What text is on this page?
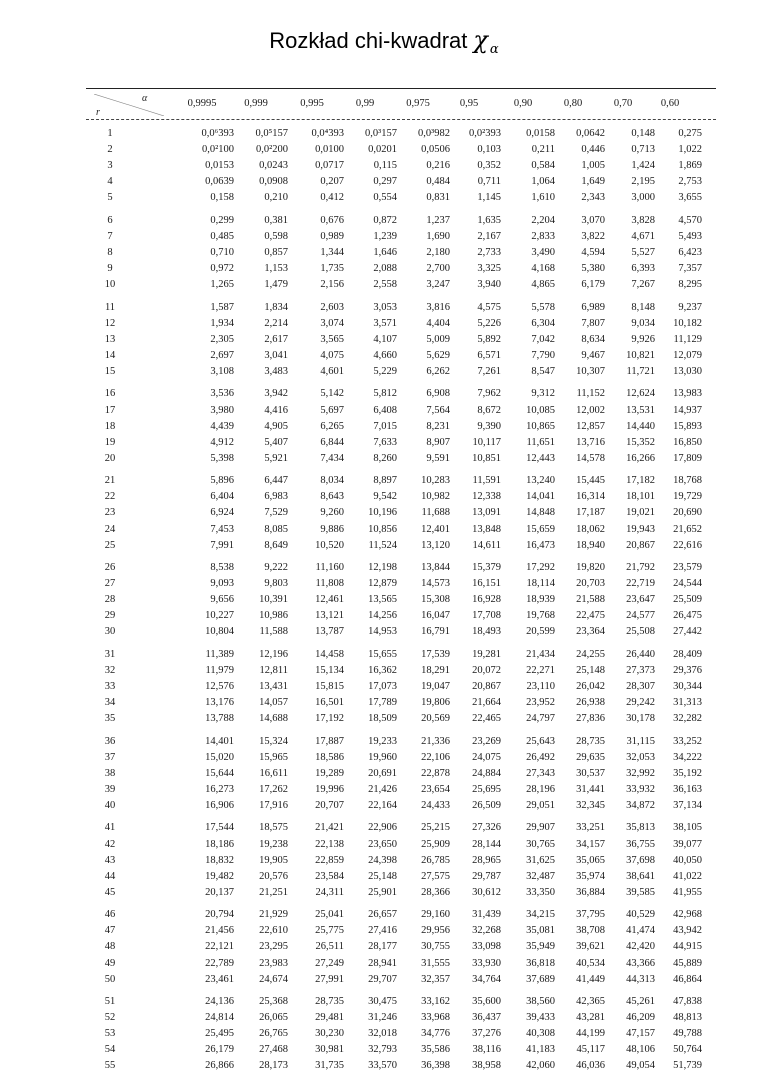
Rozkład chi-kwadrat χ $_\alpha$
α
r
0,9995	0,999	0,995	0,99	0,975	0,95	0,90	0,80	0,70	0,60
1	0,0⁶393	0,0⁵157	0,0⁴393	0,0³157	0,0³982	0,0²393	0,0158	0,0642	0,148	0,275
2	0,0²100	0,0²200	0,0100	0,0201	0,0506	0,103	0,211	0,446	0,713	1,022
3	0,0153	0,0243	0,0717	0,115	0,216	0,352	0,584	1,005	1,424	1,869
4	0,0639	0,0908	0,207	0,297	0,484	0,711	1,064	1,649	2,195	2,753
5	0,158	0,210	0,412	0,554	0,831	1,145	1,610	2,343	3,000	3,655
6	0,299	0,381	0,676	0,872	1,237	1,635	2,204	3,070	3,828	4,570
7	0,485	0,598	0,989	1,239	1,690	2,167	2,833	3,822	4,671	5,493
8	0,710	0,857	1,344	1,646	2,180	2,733	3,490	4,594	5,527	6,423
9	0,972	1,153	1,735	2,088	2,700	3,325	4,168	5,380	6,393	7,357
10	1,265	1,479	2,156	2,558	3,247	3,940	4,865	6,179	7,267	8,295
11	1,587	1,834	2,603	3,053	3,816	4,575	5,578	6,989	8,148	9,237
12	1,934	2,214	3,074	3,571	4,404	5,226	6,304	7,807	9,034	10,182
13	2,305	2,617	3,565	4,107	5,009	5,892	7,042	8,634	9,926	11,129
14	2,697	3,041	4,075	4,660	5,629	6,571	7,790	9,467	10,821	12,079
15	3,108	3,483	4,601	5,229	6,262	7,261	8,547	10,307	11,721	13,030
16	3,536	3,942	5,142	5,812	6,908	7,962	9,312	11,152	12,624	13,983
17	3,980	4,416	5,697	6,408	7,564	8,672	10,085	12,002	13,531	14,937
18	4,439	4,905	6,265	7,015	8,231	9,390	10,865	12,857	14,440	15,893
19	4,912	5,407	6,844	7,633	8,907	10,117	11,651	13,716	15,352	16,850
20	5,398	5,921	7,434	8,260	9,591	10,851	12,443	14,578	16,266	17,809
21	5,896	6,447	8,034	8,897	10,283	11,591	13,240	15,445	17,182	18,768
22	6,404	6,983	8,643	9,542	10,982	12,338	14,041	16,314	18,101	19,729
23	6,924	7,529	9,260	10,196	11,688	13,091	14,848	17,187	19,021	20,690
24	7,453	8,085	9,886	10,856	12,401	13,848	15,659	18,062	19,943	21,652
25	7,991	8,649	10,520	11,524	13,120	14,611	16,473	18,940	20,867	22,616
26	8,538	9,222	11,160	12,198	13,844	15,379	17,292	19,820	21,792	23,579
27	9,093	9,803	11,808	12,879	14,573	16,151	18,114	20,703	22,719	24,544
28	9,656	10,391	12,461	13,565	15,308	16,928	18,939	21,588	23,647	25,509
29	10,227	10,986	13,121	14,256	16,047	17,708	19,768	22,475	24,577	26,475
30	10,804	11,588	13,787	14,953	16,791	18,493	20,599	23,364	25,508	27,442
31	11,389	12,196	14,458	15,655	17,539	19,281	21,434	24,255	26,440	28,409
32	11,979	12,811	15,134	16,362	18,291	20,072	22,271	25,148	27,373	29,376
33	12,576	13,431	15,815	17,073	19,047	20,867	23,110	26,042	28,307	30,344
34	13,176	14,057	16,501	17,789	19,806	21,664	23,952	26,938	29,242	31,313
35	13,788	14,688	17,192	18,509	20,569	22,465	24,797	27,836	30,178	32,282
36	14,401	15,324	17,887	19,233	21,336	23,269	25,643	28,735	31,115	33,252
37	15,020	15,965	18,586	19,960	22,106	24,075	26,492	29,635	32,053	34,222
38	15,644	16,611	19,289	20,691	22,878	24,884	27,343	30,537	32,992	35,192
39	16,273	17,262	19,996	21,426	23,654	25,695	28,196	31,441	33,932	36,163
40	16,906	17,916	20,707	22,164	24,433	26,509	29,051	32,345	34,872	37,134
41	17,544	18,575	21,421	22,906	25,215	27,326	29,907	33,251	35,813	38,105
42	18,186	19,238	22,138	23,650	25,909	28,144	30,765	34,157	36,755	39,077
43	18,832	19,905	22,859	24,398	26,785	28,965	31,625	35,065	37,698	40,050
44	19,482	20,576	23,584	25,148	27,575	29,787	32,487	35,974	38,641	41,022
45	20,137	21,251	24,311	25,901	28,366	30,612	33,350	36,884	39,585	41,955
46	20,794	21,929	25,041	26,657	29,160	31,439	34,215	37,795	40,529	42,968
47	21,456	22,610	25,775	27,416	29,956	32,268	35,081	38,708	41,474	43,942
48	22,121	23,295	26,511	28,177	30,755	33,098	35,949	39,621	42,420	44,915
49	22,789	23,983	27,249	28,941	31,555	33,930	36,818	40,534	43,366	45,889
50	23,461	24,674	27,991	29,707	32,357	34,764	37,689	41,449	44,313	46,864
51	24,136	25,368	28,735	30,475	33,162	35,600	38,560	42,365	45,261	47,838
52	24,814	26,065	29,481	31,246	33,968	36,437	39,433	43,281	46,209	48,813
53	25,495	26,765	30,230	32,018	34,776	37,276	40,308	44,199	47,157	49,788
54	26,179	27,468	30,981	32,793	35,586	38,116	41,183	45,117	48,106	50,764
55	26,866	28,173	31,735	33,570	36,398	38,958	42,060	46,036	49,054	51,739
